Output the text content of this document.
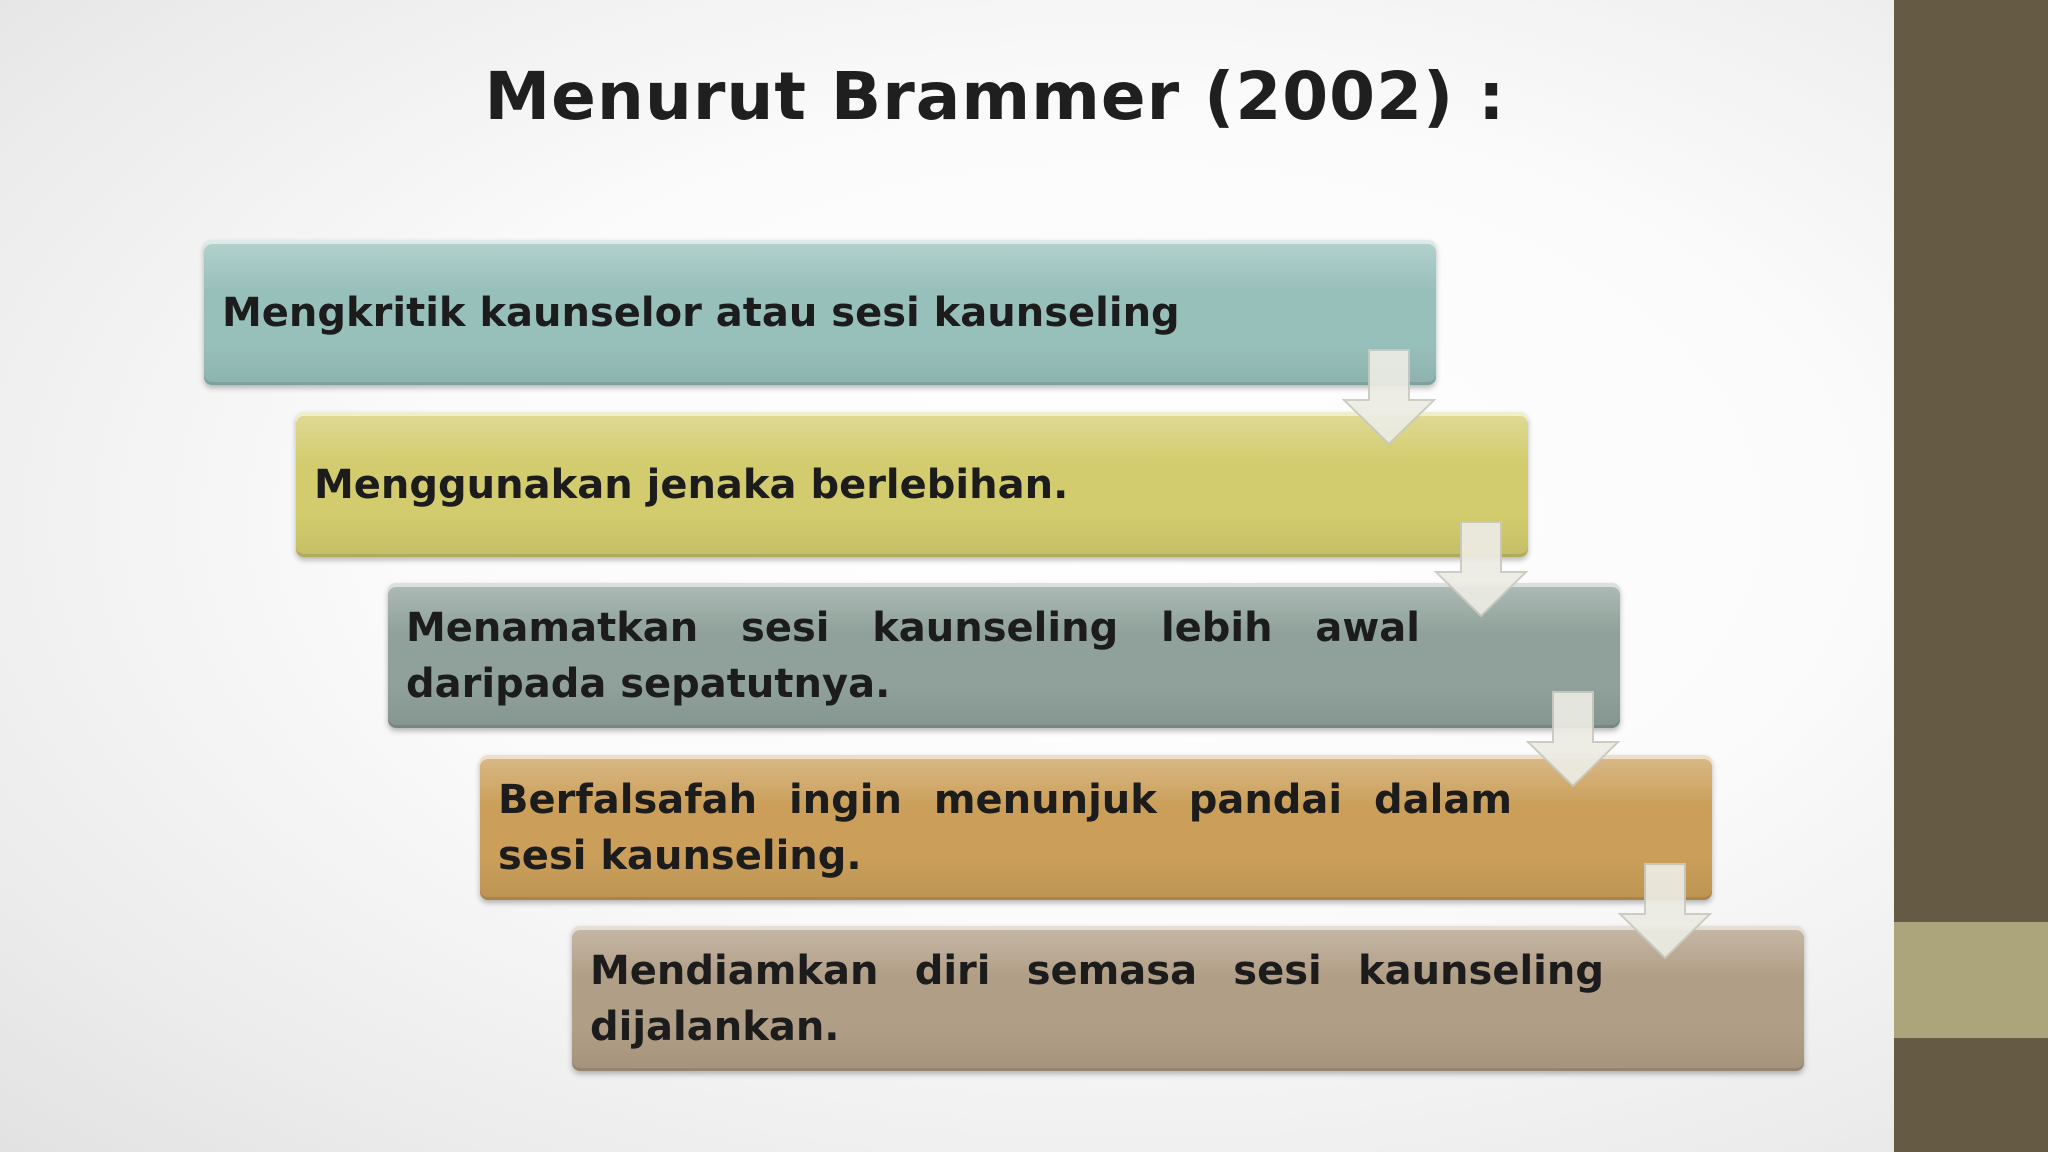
Menurut Brammer (2002) :
Mengkritik kaunselor atau sesi kaunseling
Menggunakan jenaka berlebihan.
Menamatkan sesi kaunseling lebih awal daripada sepatutnya.
Berfalsafah ingin menunjuk pandai dalam sesi kaunseling.
Mendiamkan diri semasa sesi kaunseling dijalankan.
